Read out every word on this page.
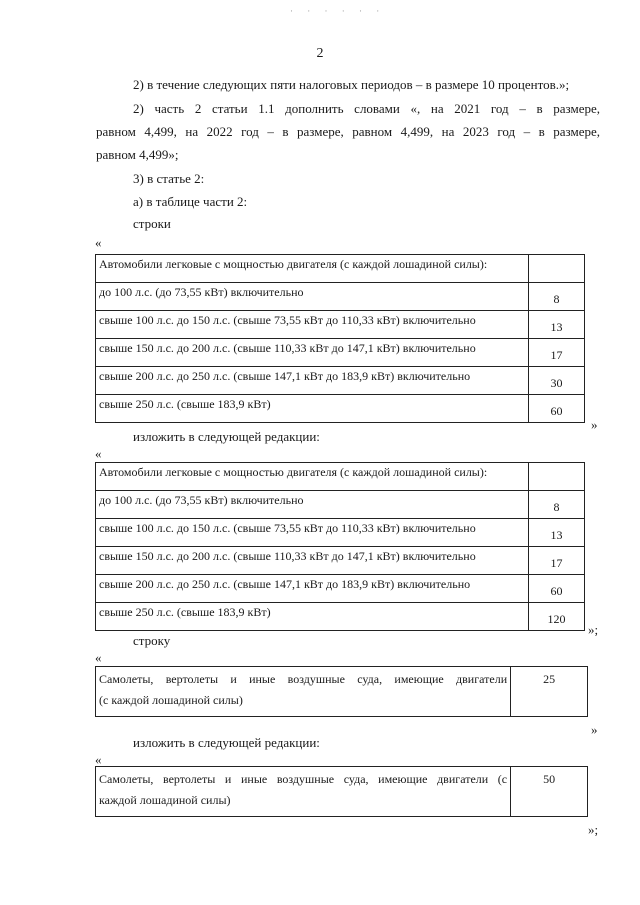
· · · · · ·
2
2) в течение следующих пяти налоговых периодов – в размере 10 процентов.»;
2) часть 2 статьи 1.1 дополнить словами «, на 2021 год – в размере,
равном 4,499, на 2022 год – в размере, равном 4,499, на 2023 год – в размере,
равном 4,499»;
3) в статье 2:
а) в таблице части 2:
строки
«
Автомобили легковые с мощностью двигателя (с каждой лошадиной силы):	
до 100 л.с. (до 73,55 кВт) включительно	8
свыше 100 л.с. до 150 л.с. (свыше 73,55 кВт до 110,33 кВт) включительно	13
свыше 150 л.с. до 200 л.с. (свыше 110,33 кВт до 147,1 кВт) включительно	17
свыше 200 л.с. до 250 л.с. (свыше 147,1 кВт до 183,9 кВт) включительно	30
свыше 250 л.с. (свыше 183,9 кВт)	60
»
изложить в следующей редакции:
«
Автомобили легковые с мощностью двигателя (с каждой лошадиной силы):	
до 100 л.с. (до 73,55 кВт) включительно	8
свыше 100 л.с. до 150 л.с. (свыше 73,55 кВт до 110,33 кВт) включительно	13
свыше 150 л.с. до 200 л.с. (свыше 110,33 кВт до 147,1 кВт) включительно	17
свыше 200 л.с. до 250 л.с. (свыше 147,1 кВт до 183,9 кВт) включительно	60
свыше 250 л.с. (свыше 183,9 кВт)	120
»;
строку
«
Самолеты, вертолеты и иные воздушные суда, имеющие двигатели
(с каждой лошадиной силы)
	25
»
изложить в следующей редакции:
«
Самолеты, вертолеты и иные воздушные суда, имеющие двигатели (с
каждой лошадиной силы)
	50
»;
